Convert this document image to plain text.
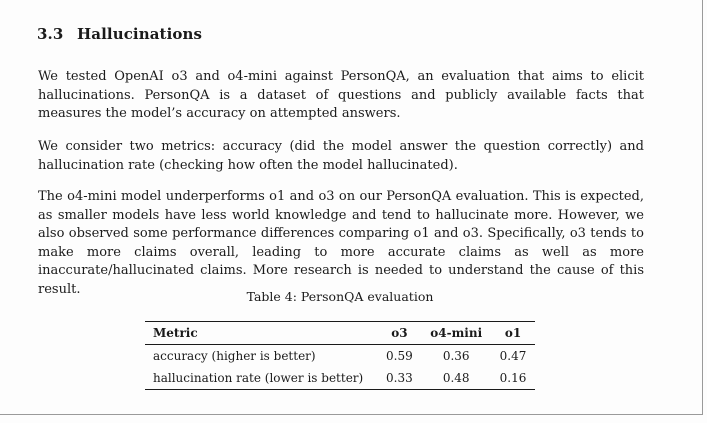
3.3 Hallucinations

We tested OpenAI o3 and o4-mini against PersonQA, an evaluation that aims to elicit hallucinations. PersonQA is a dataset of questions and publicly available facts that measures the model’s accuracy on attempted answers.

We consider two metrics: accuracy (did the model answer the question correctly) and hallucination rate (checking how often the model hallucinated).

The o4-mini model underperforms o1 and o3 on our PersonQA evaluation. This is expected, as smaller models have less world knowledge and tend to hallucinate more. However, we also observed some performance differences comparing o1 and o3. Specifically, o3 tends to make more claims overall, leading to more accurate claims as well as more inaccurate/hallucinated claims. More research is needed to understand the cause of this result.	Table 4: PersonQA evaluation
Metric	o3	o4-mini	o1
accuracy (higher is better)	0.59	0.36	0.47
hallucination rate (lower is better)	0.33	0.48	0.16
